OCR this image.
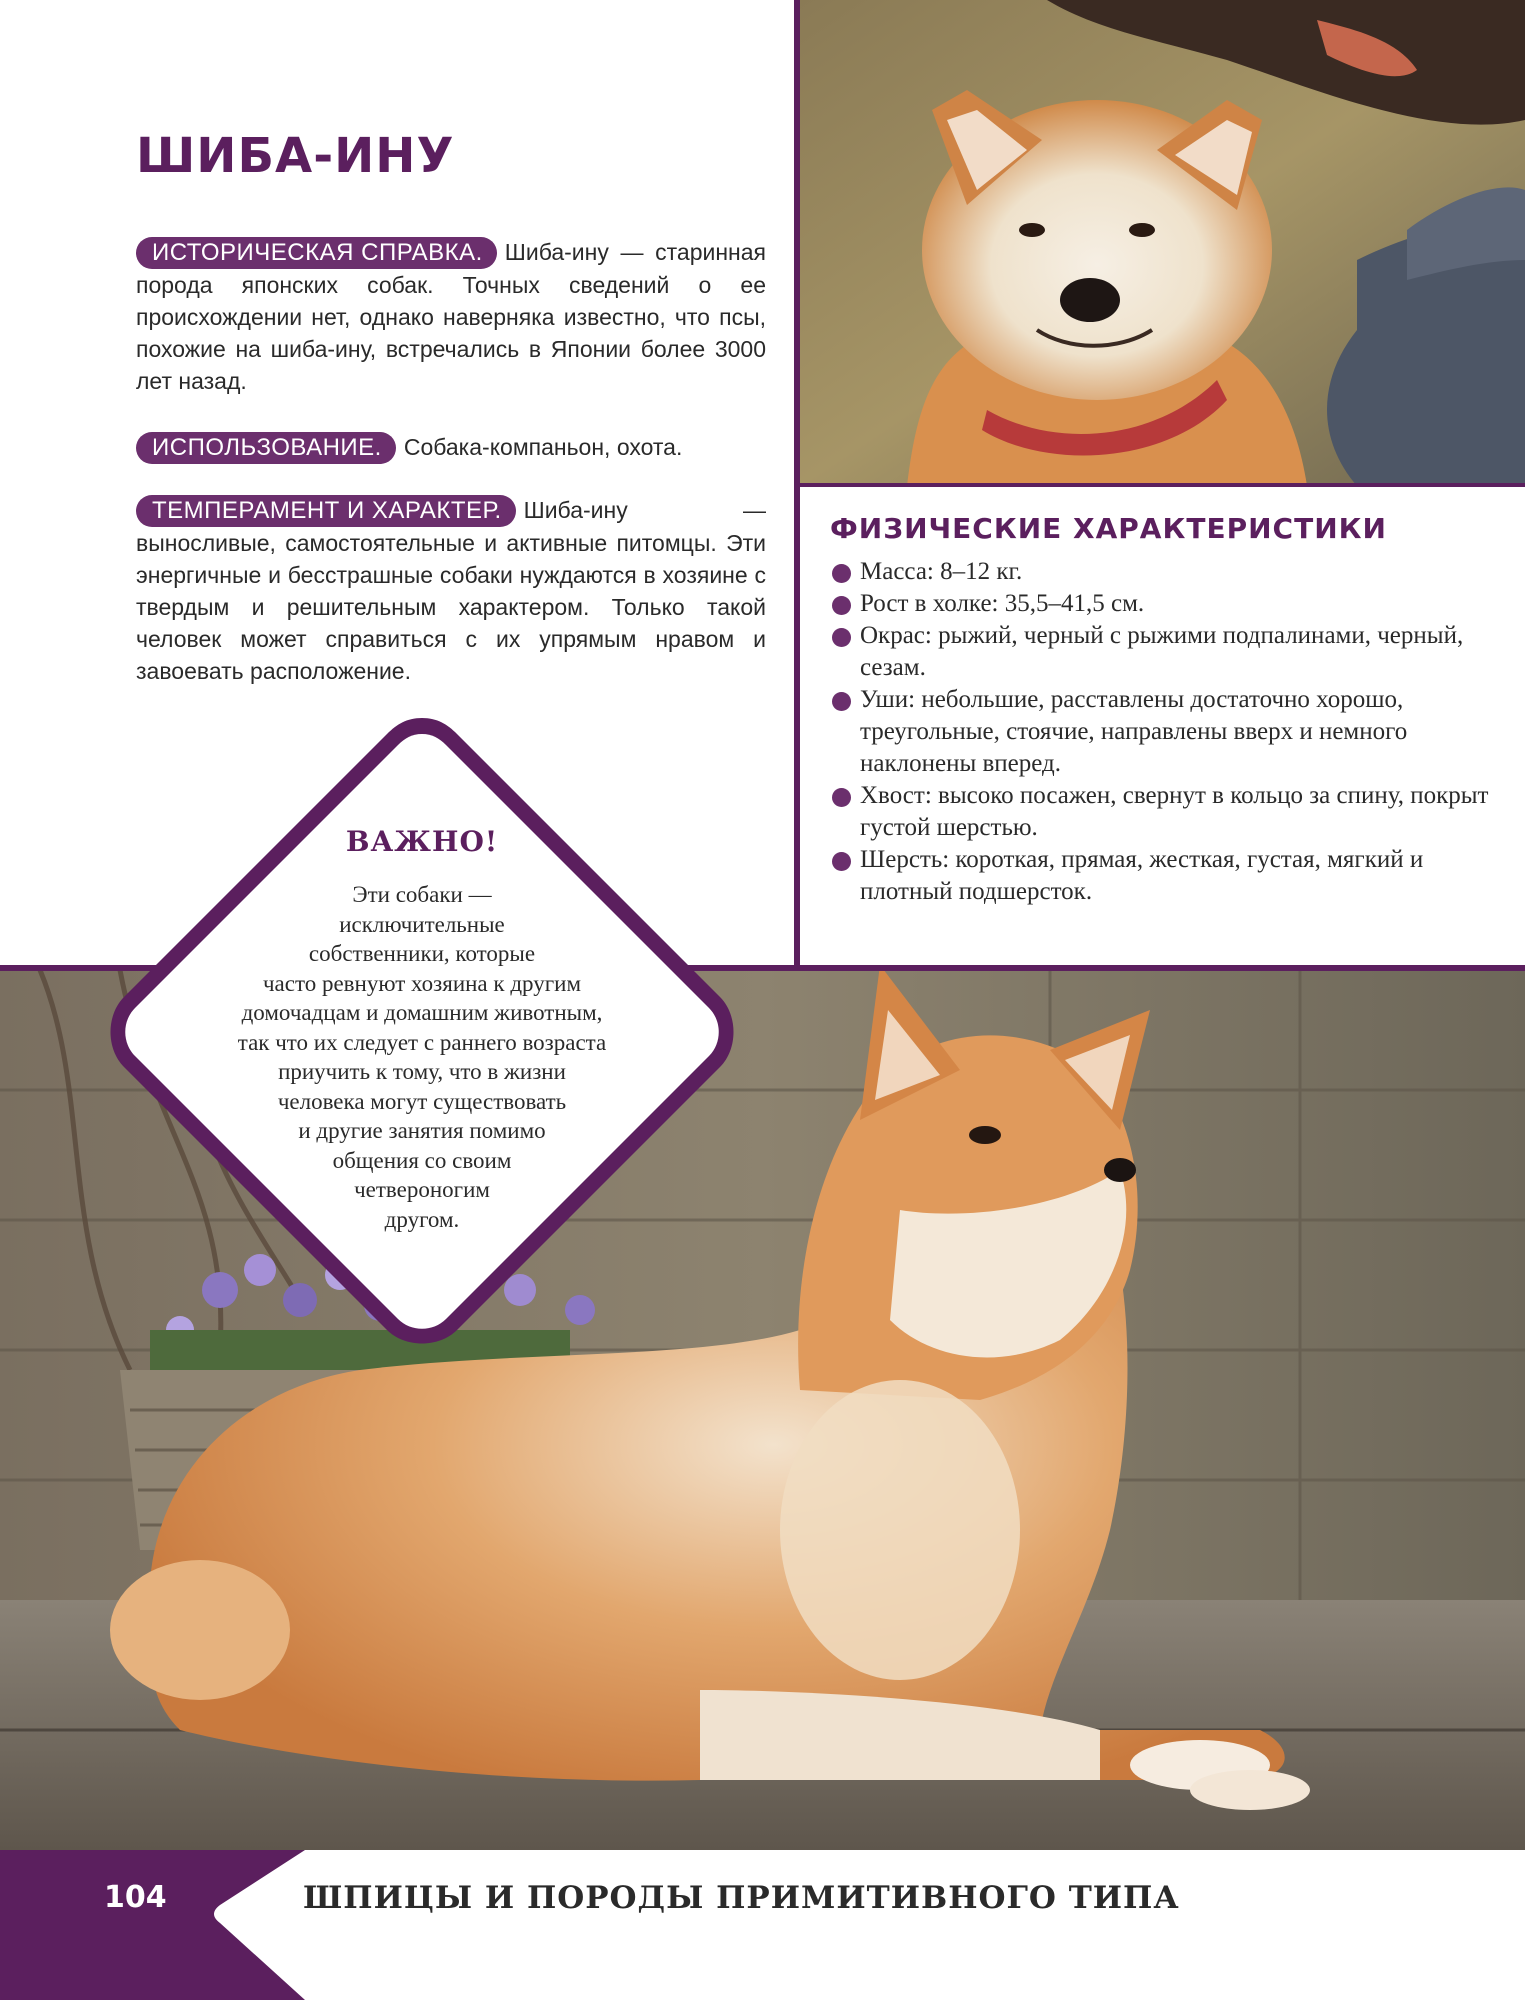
ШИБА-ИНУ
ИСТОРИЧЕСКАЯ СПРАВКА. Шиба-ину — старинная порода японских собак. Точных сведений о ее происхождении нет, однако наверняка известно, что псы, похожие на шиба-ину, встречались в Японии более 3000 лет назад.
ИСПОЛЬЗОВАНИЕ. Собака-компаньон, охота.
ТЕМПЕРАМЕНТ И ХАРАКТЕР. Шиба-ину — выносливые, самостоятельные и активные питомцы. Эти энергичные и бесстрашные собаки нуждаются в хозяине с твердым и решительным характером. Только такой человек может справиться с их упрямым нравом и завоевать расположение.
ФИЗИЧЕСКИЕ ХАРАКТЕРИСТИКИ
Масса: 8–12 кг.
Рост в холке: 35,5–41,5 см.
Окрас: рыжий, черный с рыжими подпалинами, черный, сезам.
Уши: небольшие, расставлены достаточно хорошо, треугольные, стоячие, направлены вверх и немного наклонены вперед.
Хвост: высоко посажен, свернут в кольцо за спину, покрыт густой шерстью.
Шерсть: короткая, прямая, жесткая, густая, мягкий и плотный подшерсток.
ВАЖНО!
Эти собаки —
исключительные
собственники, которые
часто ревнуют хозяина к другим
домочадцам и домашним животным,
так что их следует с раннего возраста
приучить к тому, что в жизни
человека могут существовать
и другие занятия помимо
общения со своим
четвероногим
другом.
104	ШПИЦЫ И ПОРОДЫ ПРИМИТИВНОГО ТИПА
